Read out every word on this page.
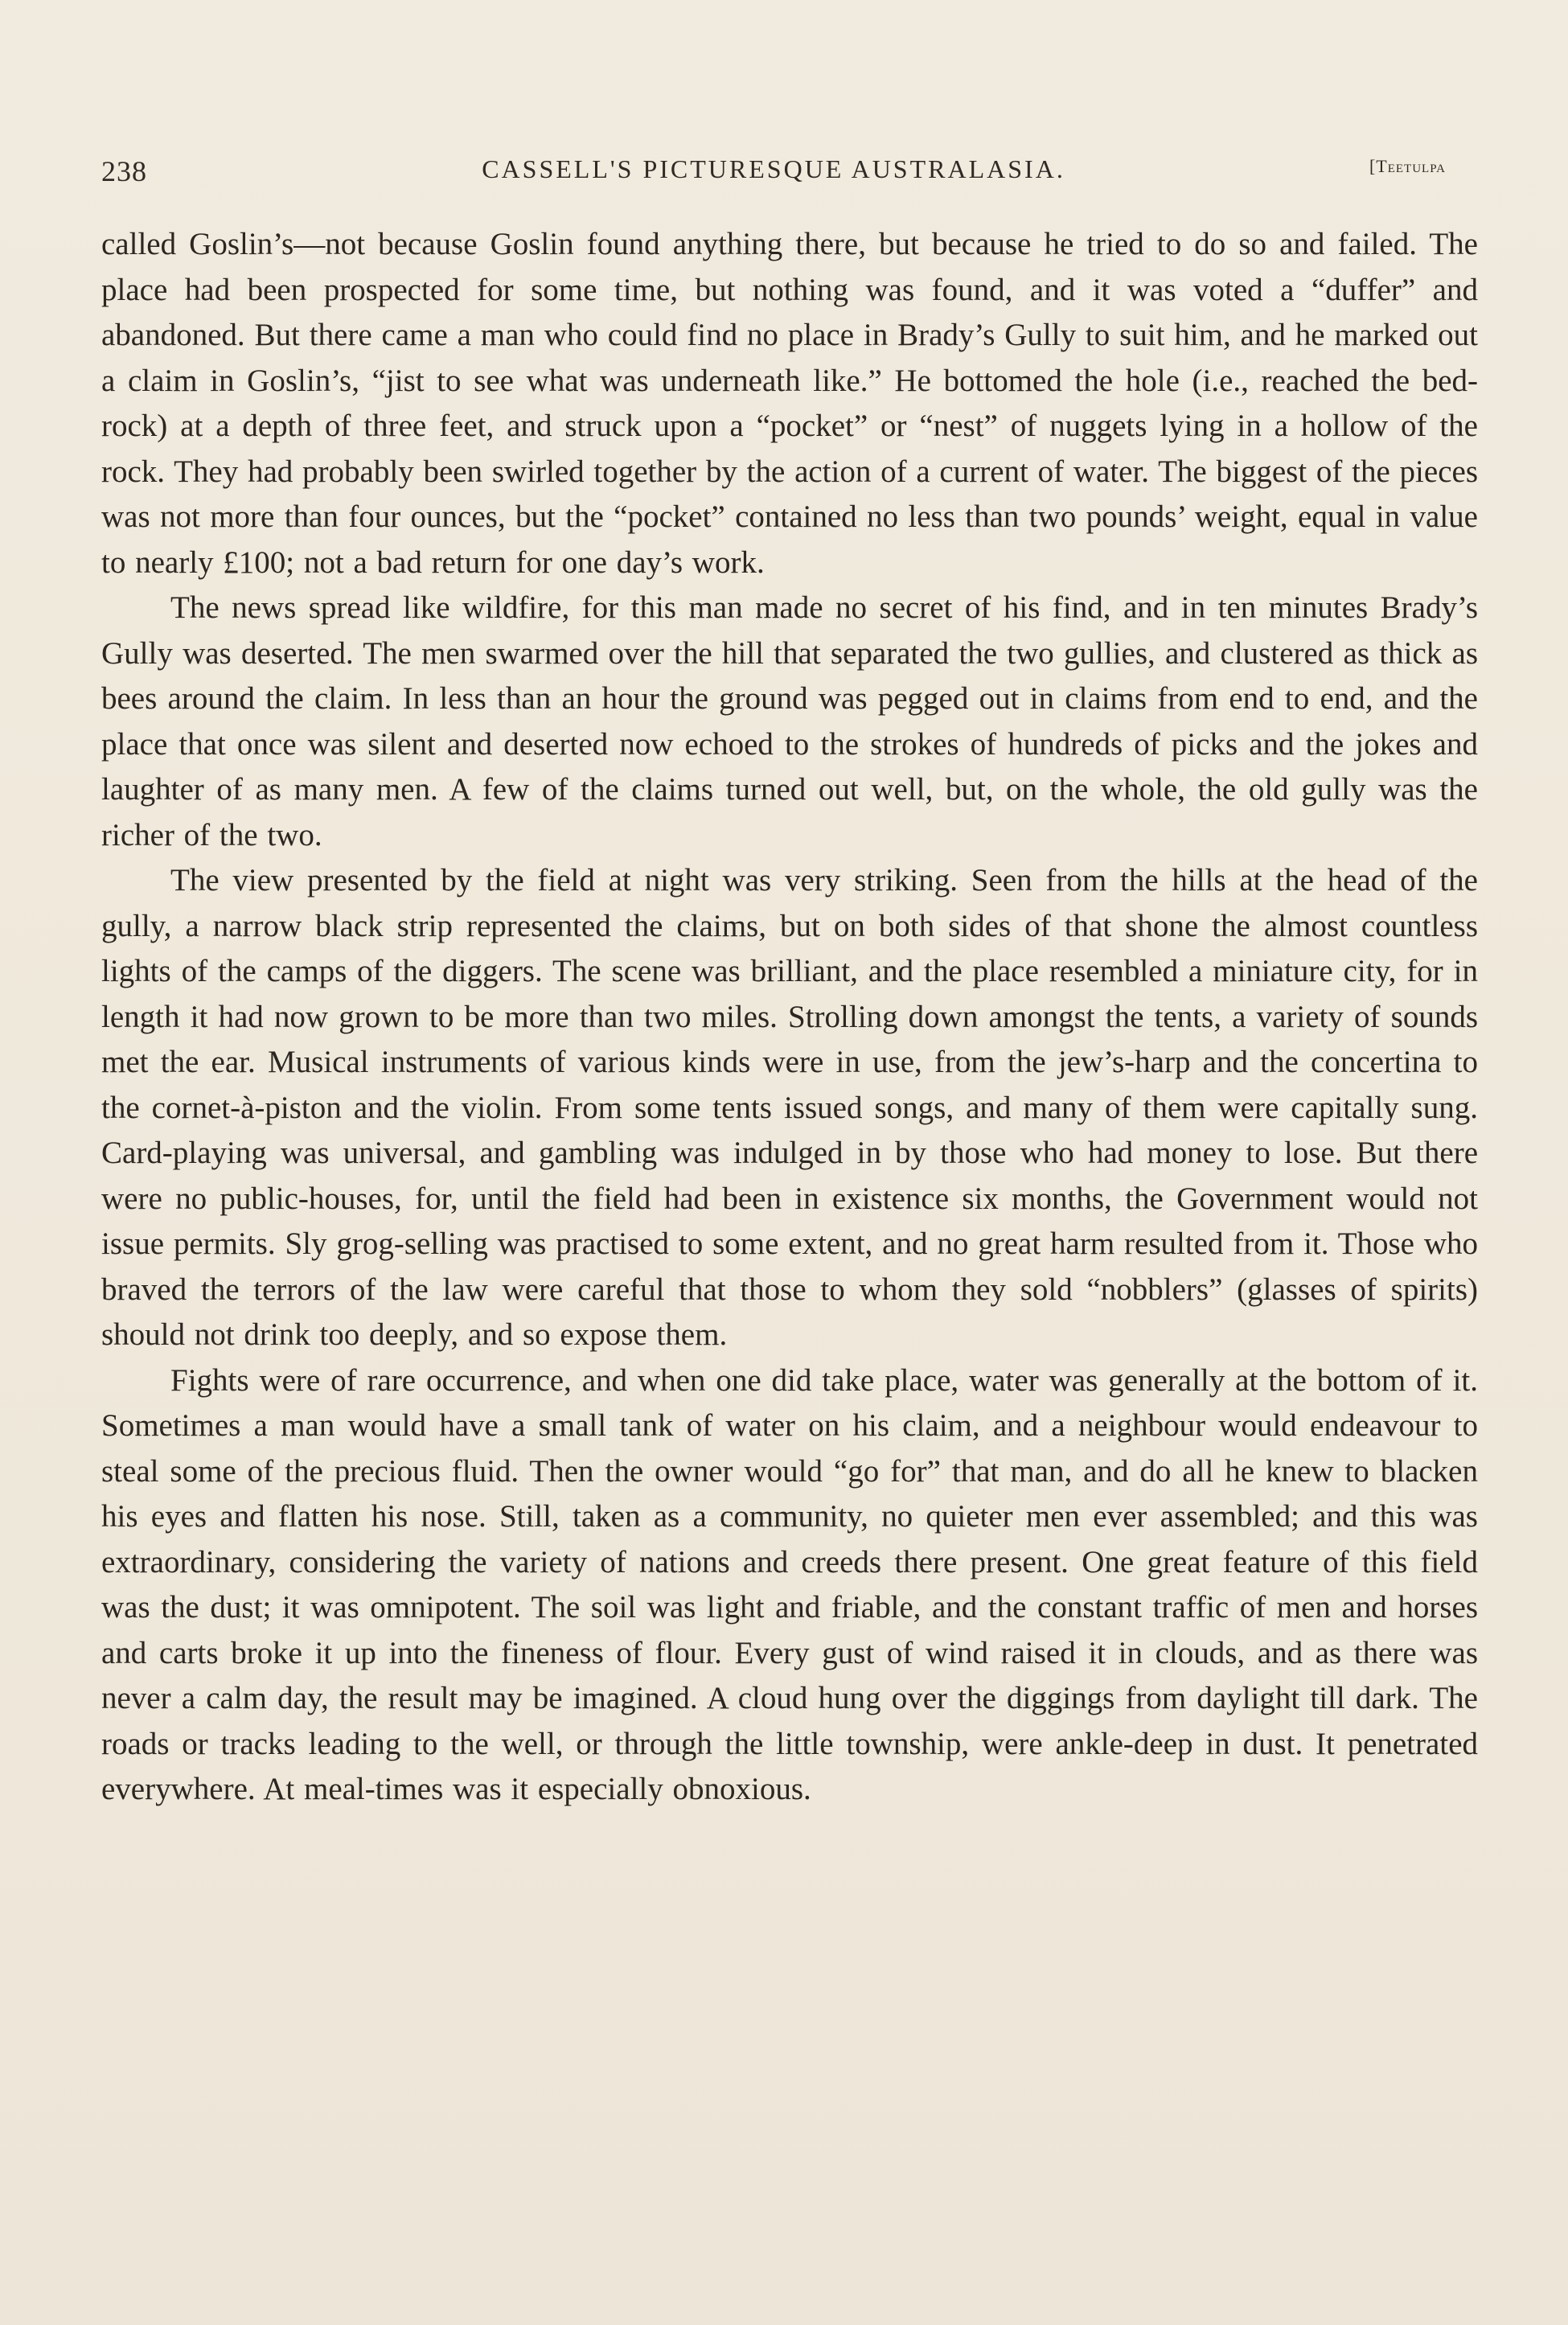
238	CASSELL'S PICTURESQUE AUSTRALASIA.	[Teetulpa

called Goslin’s—not because Goslin found anything there, but because he tried to do so and failed. The place had been prospected for some time, but nothing was found, and it was voted a “duffer” and abandoned. But there came a man who could find no place in Brady’s Gully to suit him, and he marked out a claim in Goslin’s, “jist to see what was underneath like.” He bottomed the hole (i.e., reached the bed-rock) at a depth of three feet, and struck upon a “pocket” or “nest” of nuggets lying in a hollow of the rock. They had probably been swirled together by the action of a current of water. The biggest of the pieces was not more than four ounces, but the “pocket” contained no less than two pounds’ weight, equal in value to nearly £100; not a bad return for one day’s work.

The news spread like wildfire, for this man made no secret of his find, and in ten minutes Brady’s Gully was deserted. The men swarmed over the hill that separated the two gullies, and clustered as thick as bees around the claim. In less than an hour the ground was pegged out in claims from end to end, and the place that once was silent and deserted now echoed to the strokes of hundreds of picks and the jokes and laughter of as many men. A few of the claims turned out well, but, on the whole, the old gully was the richer of the two.

The view presented by the field at night was very striking. Seen from the hills at the head of the gully, a narrow black strip represented the claims, but on both sides of that shone the almost countless lights of the camps of the diggers. The scene was brilliant, and the place resembled a miniature city, for in length it had now grown to be more than two miles. Strolling down amongst the tents, a variety of sounds met the ear. Musical instruments of various kinds were in use, from the jew’s-harp and the concertina to the cornet-à-piston and the violin. From some tents issued songs, and many of them were capitally sung. Card-playing was universal, and gambling was indulged in by those who had money to lose. But there were no public-houses, for, until the field had been in existence six months, the Government would not issue permits. Sly grog-selling was practised to some extent, and no great harm resulted from it. Those who braved the terrors of the law were careful that those to whom they sold “nobblers” (glasses of spirits) should not drink too deeply, and so expose them.

Fights were of rare occurrence, and when one did take place, water was generally at the bottom of it. Sometimes a man would have a small tank of water on his claim, and a neighbour would endeavour to steal some of the precious fluid. Then the owner would “go for” that man, and do all he knew to blacken his eyes and flatten his nose. Still, taken as a community, no quieter men ever assembled; and this was extraordinary, considering the variety of nations and creeds there present. One great feature of this field was the dust; it was omnipotent. The soil was light and friable, and the constant traffic of men and horses and carts broke it up into the fineness of flour. Every gust of wind raised it in clouds, and as there was never a calm day, the result may be imagined. A cloud hung over the diggings from daylight till dark. The roads or tracks leading to the well, or through the little township, were ankle-deep in dust. It penetrated everywhere. At meal-times was it especially obnoxious.
